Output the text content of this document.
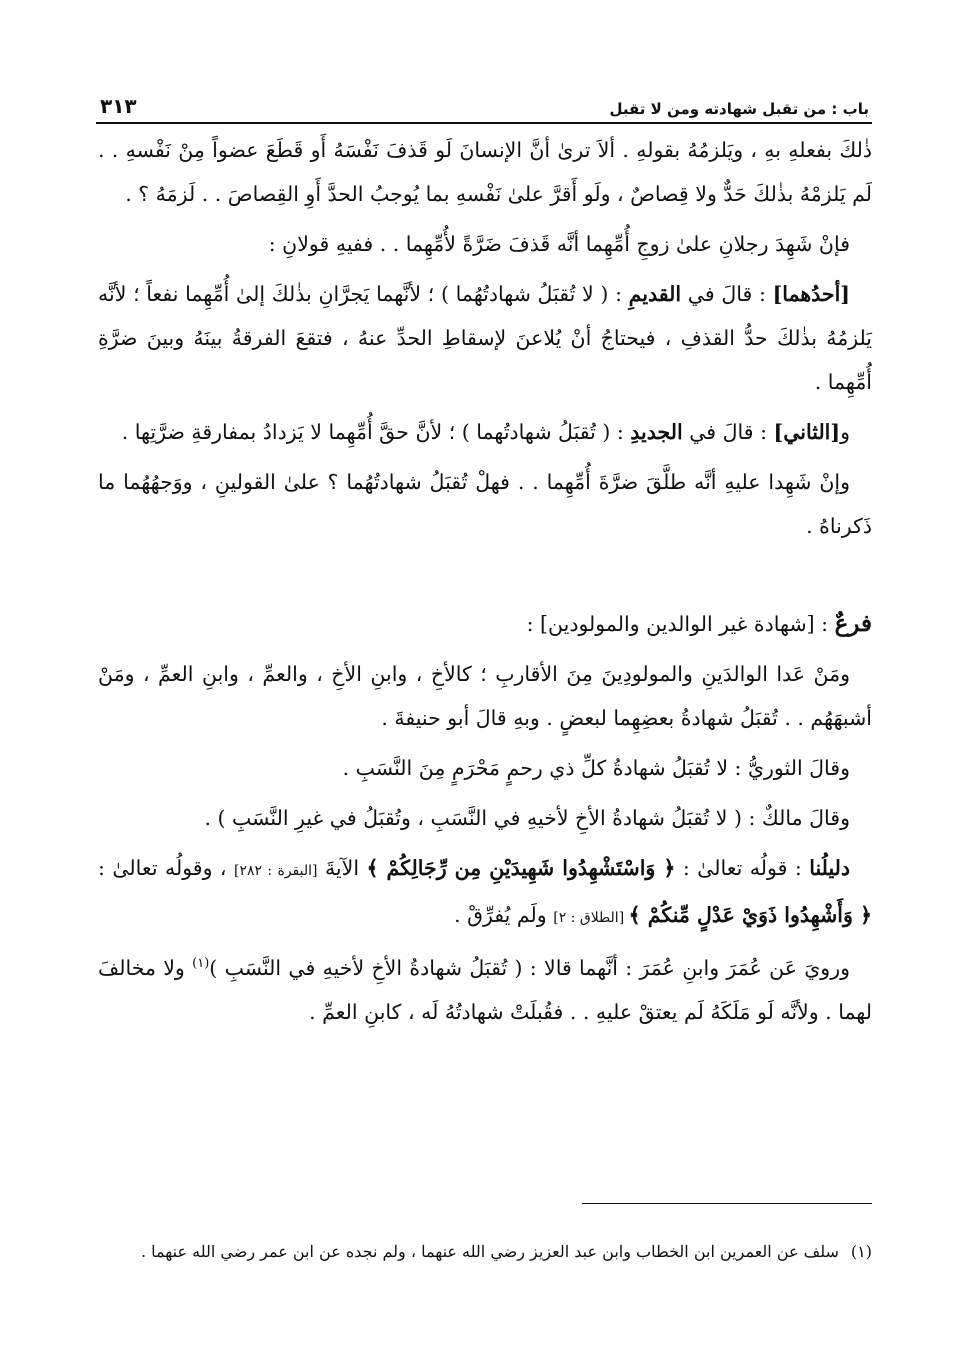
باب : من تقبل شهادته ومن لا تقبل
٣١٣

ذٰلكَ بفعلهِ بهِ ، ويَلزمُهُ بقولهِ . ألاَ ترىٰ أنَّ الإنسانَ لَو قَذفَ نَفْسَهُ أَو قَطَعَ عضواً مِنْ نَفْسهِ . . لَم يَلزمْهُ بذٰلكَ حَدٌّ ولا قِصاصٌ ، ولَو أَقرَّ علىٰ نَفْسهِ بما يُوجبُ الحدَّ أَوِ القِصاصَ . . لَزمَهُ ؟ .

فإنْ شَهِدَ رجلانِ علىٰ زوجِ أُمِّهِما أنَّه قَذفَ ضَرَّةً لأُمِّهِما . . ففيهِ قولانِ :

[أحدُهما] : قالَ في القديمِ : ( لا تُقبَلُ شهادتُهُما ) ؛ لأنَّهما يَجرَّانِ بذٰلكَ إلىٰ أُمِّهِما نفعاً ؛ لأنَّه يَلزمُهُ بذٰلكَ حدُّ القذفِ ، فيحتاجُ أنْ يُلاعنَ لإسقاطِ الحدِّ عنهُ ، فتقعَ الفرقةُ بينَهُ وبينَ ضرَّةِ أُمِّهِما .

و[الثاني] : قالَ في الجديدِ : ( تُقبَلُ شهادتُهما ) ؛ لأنَّ حقَّ أُمِّهِما لا يَزدادُ بمفارقةِ ضرَّتِها .

وإنْ شَهِدا عليهِ أنَّه طلَّقَ ضرَّةَ أُمِّهِما . . فهلْ تُقبَلُ شهادتُهُما ؟ علىٰ القولينِ ، ووَجهُهُما ما ذَكرناهُ .

فرعٌ : [شهادة غير الوالدين والمولودين] :

ومَنْ عَدا الوالدَينِ والمولودِينَ مِنَ الأقاربِ ؛ كالأخِ ، وابنِ الأخِ ، والعمِّ ، وابنِ العمِّ ، ومَنْ أشبهَهُم . . تُقبَلُ شهادةُ بعضِهِما لبعضٍ . وبهِ قالَ أبو حنيفةَ .

وقالَ الثوريُّ : لا تُقبَلُ شهادةُ كلِّ ذي رحمٍ مَحْرَمٍ مِنَ النَّسَبِ .

وقالَ مالكٌ : ( لا تُقبَلُ شهادةُ الأخِ لأخيهِ في النَّسَبِ ، وتُقبَلُ في غيرِ النَّسَبِ ) .

دليلُنا : قولُه تعالىٰ : ﴿ وَاسْتَشْهِدُوا شَهِيدَيْنِ مِن رِّجَالِكُمْ ﴾ الآيةَ [البقرة : ٢٨٢] ، وقولُه تعالىٰ : ﴿ وَأَشْهِدُوا ذَوَيْ عَدْلٍ مِّنكُمْ ﴾ [الطلاق : ٢] ولَم يُفرِّقْ .

ورويَ عَن عُمَرَ وابنِ عُمَرَ : أنَّهما قالا : ( تُقبَلُ شهادةُ الأخِ لأخيهِ في النَّسَبِ )$^{(١)}$ ولا مخالفَ لهما . ولأنَّه لَو مَلَكَهُ لَم يعتقْ عليهِ . . فقُبلَتْ شهادتُهُ لَه ، كابنِ العمِّ .

(١)سلف عن العمرين ابن الخطاب وابن عبد العزيز رضي الله عنهما ، ولم نجده عن ابن عمر رضي الله عنهما .
